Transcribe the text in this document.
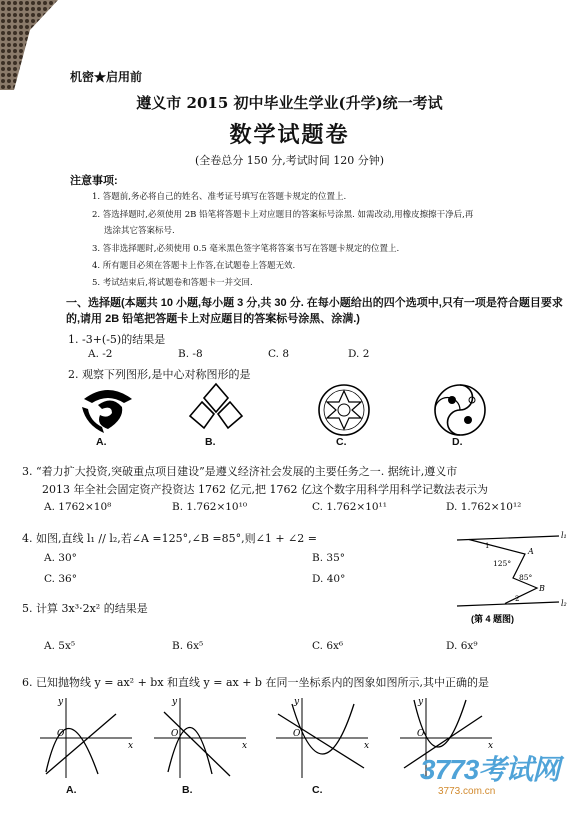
机密★启用前
遵义市 2015 初中毕业生学业(升学)统一考试
数学试题卷
(全卷总分 150 分,考试时间 120 分钟)
注意事项:
1. 答题前,务必将自己的姓名、准考证号填写在答题卡规定的位置上.
2. 答选择题时,必须使用 2B 铅笔将答题卡上对应题目的答案标号涂黑. 如需改动,用橡皮擦擦干净后,再
选涂其它答案标号.
3. 答非选择题时,必须使用 0.5 毫米黑色签字笔将答案书写在答题卡规定的位置上.
4. 所有题目必须在答题卡上作答,在试题卷上答题无效.
5. 考试结束后,将试题卷和答题卡一并交回.
一、选择题(本题共 10 小题,每小题 3 分,共 30 分. 在每小题给出的四个选项中,只有一项是符合题目要求的,请用 2B 铅笔把答题卡上对应题目的答案标号涂黑、涂满.)
1. -3+(-5)的结果是
A. -2	B. -8	C. 8	D. 2
2. 观察下列图形,是中心对称图形的是
A.	B.	C.	D.
3. “着力扩大投资,突破重点项目建设”是遵义经济社会发展的主要任务之一. 据统计,遵义市
2013 年全社会固定资产投资达 1762 亿元,把 1762 亿这个数字用科学用科学记数法表示为
A. 1762×10⁸	B. 1.762×10¹⁰	C. 1.762×10¹¹	D. 1.762×10¹²
4. 如图,直线 l₁ // l₂,若∠A =125°,∠B =85°,则∠1 + ∠2 =
A. 30°	B. 35°
C. 36°	D. 40°
l₁
l₂
A
B
125°
85°
1
2
(第 4 题图)
5. 计算 3x³·2x² 的结果是
A. 5x⁵	B. 6x⁵	C. 6x⁶	D. 6x⁹
6. 已知抛物线 y = ax² + bx 和直线 y = ax + b 在同一坐标系内的图象如图所示,其中正确的是
y
x
O
A.
y
x
O
B.
y
x
O
C.
y
x
O
3773考试网
3773.com.cn
